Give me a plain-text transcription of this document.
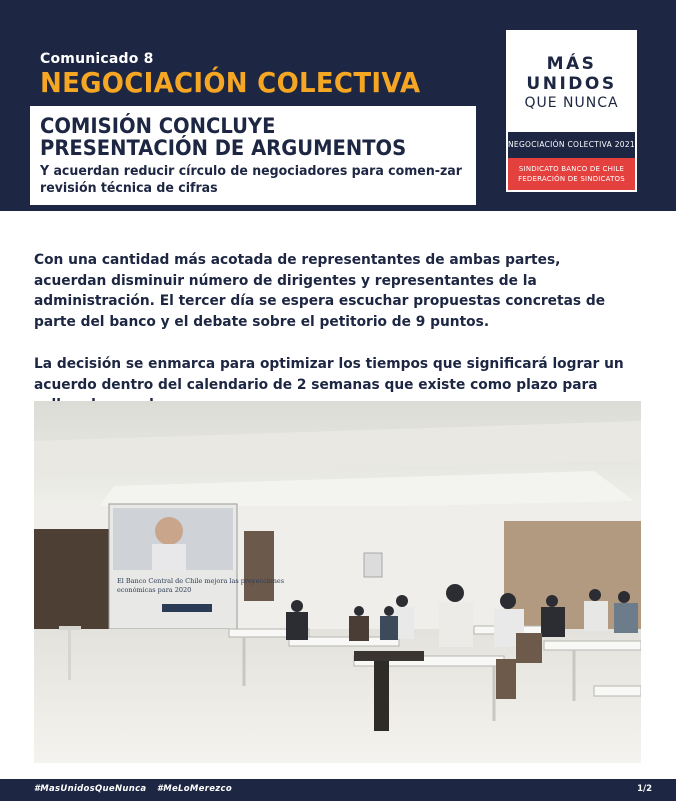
Comunicado 8
NEGOCIACIÓN COLECTIVA
COMISIÓN CONCLUYE
PRESENTACIÓN DE ARGUMENTOS
Y acuerdan reducir círculo de negociadores para comen-zar revisión técnica de cifras
MÁS
UNIDOS
QUE NUNCA
NEGOCIACIÓN COLECTIVA 2021
SINDICATO BANCO DE CHILE
FEDERACIÓN DE SINDICATOS
Con una cantidad más acotada de representantes de ambas partes, acuerdan disminuir número de dirigentes y representantes de la administración. El tercer día se espera escuchar propuestas concretas de parte del banco y el debate sobre el petitorio de 9 puntos.
La decisión se enmarca para optimizar los tiempos que significará lograr un acuerdo dentro del calendario de 2 semanas que existe como plazo para
El Banco Central de Chile mejora las proyecciones
económicas para 2020
#MasUnidosQueNunca #MeLoMerezco	1/2
